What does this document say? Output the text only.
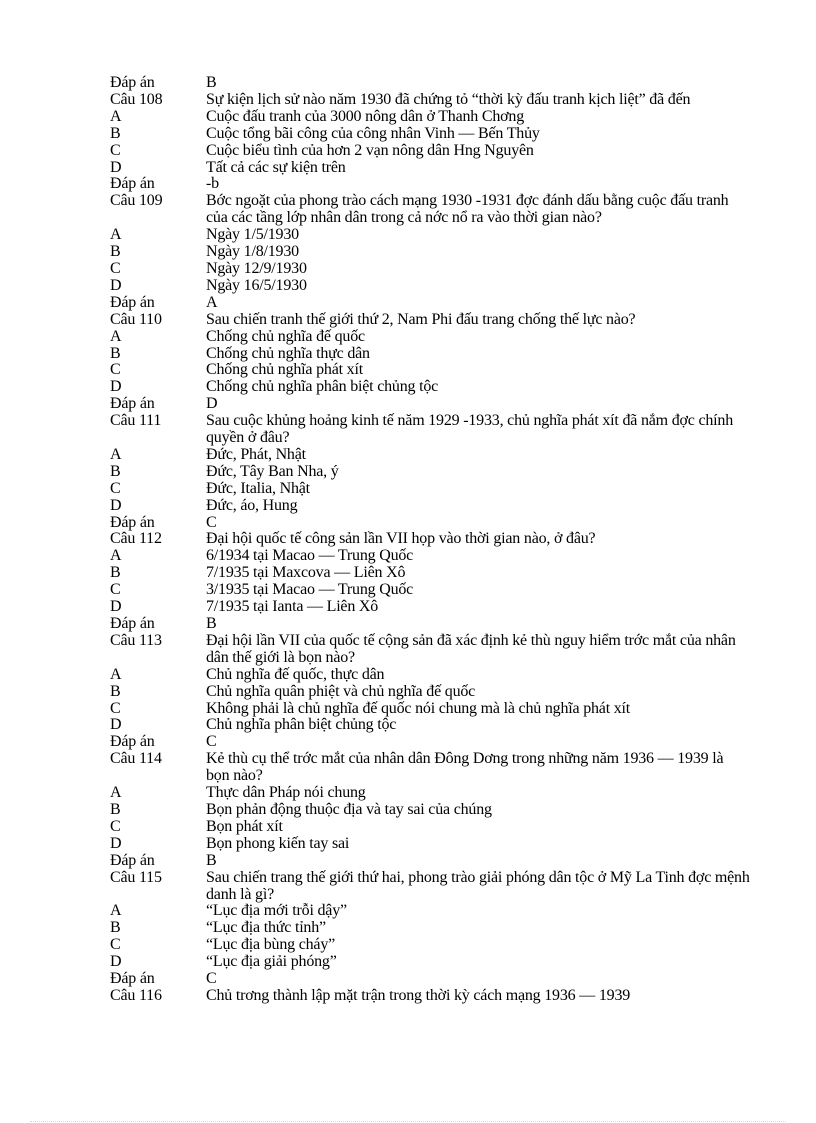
Đáp án	B
Câu 108	Sự kiện lịch sử nào năm 1930 đã chứng tỏ “thời kỳ đấu tranh kịch liệt” đã đến
A	Cuộc đấu tranh của 3000 nông dân ở Thanh Chơng
B	Cuộc tổng bãi công của công nhân Vinh — Bến Thủy
C	Cuộc biểu tình của hơn 2 vạn nông dân Hng Nguyên
D	Tất cả các sự kiện trên
Đáp án	-b
Câu 109	Bớc ngoặt của phong trào cách mạng 1930 -1931 đợc đánh dấu bằng cuộc đấu tranh của các tầng lớp nhân dân trong cả nớc nổ ra vào thời gian nào?
A	Ngày 1/5/1930
B	Ngày 1/8/1930
C	Ngày 12/9/1930
D	Ngày 16/5/1930
Đáp án	A
Câu 110	Sau chiến tranh thế giới thứ 2, Nam Phi đấu trang chống thế lực nào?
A	Chống chủ nghĩa đế quốc
B	Chống chủ nghĩa thực dân
C	Chống chủ nghĩa phát xít
D	Chống chủ nghĩa phân biệt chủng tộc
Đáp án	D
Câu 111	Sau cuộc khủng hoảng kinh tế năm 1929 -1933, chủ nghĩa phát xít đã nắm đợc chính quyền ở đâu?
A	Đức, Phát, Nhật
B	Đức, Tây Ban Nha, ý
C	Đức, Italia, Nhật
D	Đức, áo, Hung
Đáp án	C
Câu 112	Đại hội quốc tế công sản lần VII họp vào thời gian nào, ở đâu?
A	6/1934 tại Macao — Trung Quốc
B	7/1935 tại Maxcova — Liên Xô
C	3/1935 tại Macao — Trung Quốc
D	7/1935 tại Ianta — Liên Xô
Đáp án	B
Câu 113	Đại hội lần VII của quốc tế cộng sản đã xác định kẻ thù nguy hiểm trớc mắt của nhân dân thế giới là bọn nào?
A	Chủ nghĩa đế quốc, thực dân
B	Chủ nghĩa quân phiệt và chủ nghĩa đế quốc
C	Không phải là chủ nghĩa đế quốc nói chung mà là chủ nghĩa phát xít
D	Chủ nghĩa phân biệt chủng tộc
Đáp án	C
Câu 114	Kẻ thù cụ thể trớc mắt của nhân dân Đông Dơng trong những năm 1936 — 1939 là bọn nào?
A	Thực dân Pháp nói chung
B	Bọn phản động thuộc địa và tay sai của chúng
C	Bọn phát xít
D	Bọn phong kiến tay sai
Đáp án	B
Câu 115	Sau chiến trang thế giới thứ hai, phong trào giải phóng dân tộc ở Mỹ La Tinh đợc mệnh danh là gì?
A	“Lục địa mới trỗi dậy”
B	“Lục địa thức tỉnh”
C	“Lục địa bùng cháy”
D	“Lục địa giải phóng”
Đáp án	C
Câu 116	Chủ trơng thành lập mặt trận trong thời kỳ cách mạng 1936 — 1939
